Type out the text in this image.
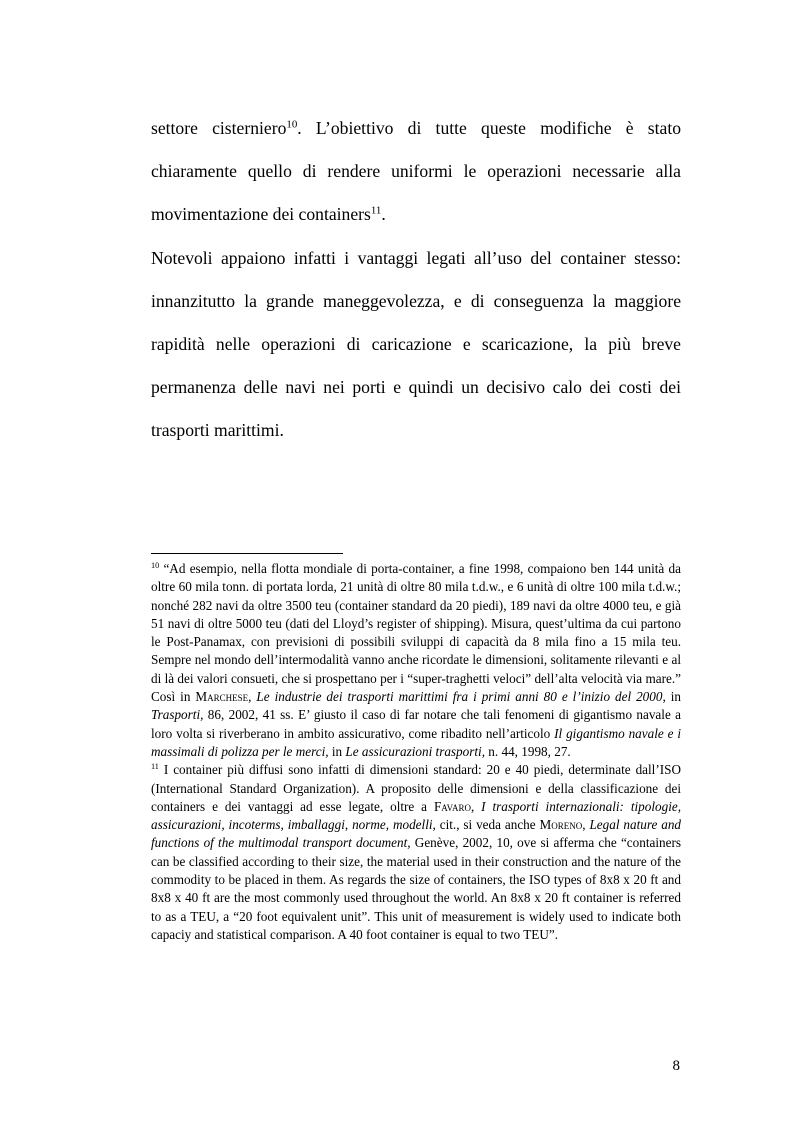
settore cisterniero$^{10}$. L’obiettivo di tutte queste modifiche è stato chiaramente quello di rendere uniformi le operazioni necessarie alla movimentazione dei containers$^{11}$.

Notevoli appaiono infatti i vantaggi legati all’uso del container stesso: innanzitutto la grande maneggevolezza, e di conseguenza la maggiore rapidità nelle operazioni di caricazione e scaricazione, la più breve permanenza delle navi nei porti e quindi un decisivo calo dei costi dei trasporti marittimi.

$^{10}$ “Ad esempio, nella flotta mondiale di porta-container, a fine 1998, compaiono ben 144 unità da oltre 60 mila tonn. di portata lorda, 21 unità di oltre 80 mila t.d.w., e 6 unità di oltre 100 mila t.d.w.; nonché 282 navi da oltre 3500 teu (container standard da 20 piedi), 189 navi da oltre 4000 teu, e già 51 navi di oltre 5000 teu (dati del Lloyd’s register of shipping). Misura, quest’ultima da cui partono le Post-Panamax, con previsioni di possibili sviluppi di capacità da 8 mila fino a 15 mila teu. Sempre nel mondo dell’intermodalità vanno anche ricordate le dimensioni, solitamente rilevanti e al di là dei valori consueti, che si prospettano per i “super-traghetti veloci” dell’alta velocità via mare.” Così in Marchese, Le industrie dei trasporti marittimi fra i primi anni 80 e l’inizio del 2000, in Trasporti, 86, 2002, 41 ss. E’ giusto il caso di far notare che tali fenomeni di gigantismo navale a loro volta si riverberano in ambito assicurativo, come ribadito nell’articolo Il gigantismo navale e i massimali di polizza per le merci, in Le assicurazioni trasporti, n. 44, 1998, 27.

$^{11}$ I container più diffusi sono infatti di dimensioni standard: 20 e 40 piedi, determinate dall’ISO (International Standard Organization). A proposito delle dimensioni e della classificazione dei containers e dei vantaggi ad esse legate, oltre a Favaro, I trasporti internazionali: tipologie, assicurazioni, incoterms, imballaggi, norme, modelli, cit., si veda anche Moreno, Legal nature and functions of the multimodal transport document, Genève, 2002, 10, ove si afferma che “containers can be classified according to their size, the material used in their construction and the nature of the commodity to be placed in them. As regards the size of containers, the ISO types of 8x8 x 20 ft and 8x8 x 40 ft are the most commonly used throughout the world. An 8x8 x 20 ft container is referred to as a TEU, a “20 foot equivalent unit”. This unit of measurement is widely used to indicate both capaciy and statistical comparison. A 40 foot container is equal to two TEU”.

8
